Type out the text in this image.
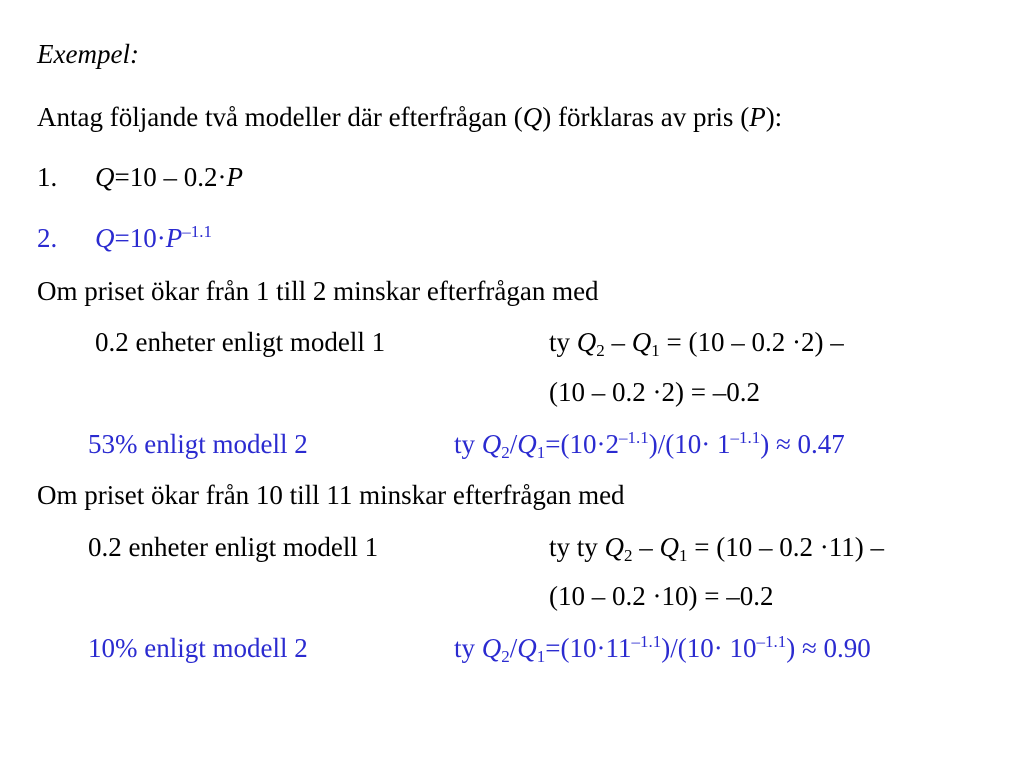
Exempel:
Antag följande två modeller där efterfrågan (Q) förklaras av pris (P):
1. Q=10 – 0.2·P
2. $Q=10\cdot P^{-1.1}$
Om priset ökar från 1 till 2 minskar efterfrågan med
0.2 enheter enligt modell 1	ty $Q_2 - Q_1 = (10 - 0.2 \cdot 2)$ –
(10 – 0.2 ·2) = –0.2
53% enligt modell 2	ty $Q_2/Q_1=(10\cdot 2^{-1.1})/(10\cdot 1^{-1.1}) \approx 0.47$
Om priset ökar från 10 till 11 minskar efterfrågan med
0.2 enheter enligt modell 1	ty ty $Q_2 - Q_1 = (10 - 0.2 \cdot 11)$ –
(10 – 0.2 ·10) = –0.2
10% enligt modell 2	ty $Q_2/Q_1=(10\cdot 11^{-1.1})/(10\cdot 10^{-1.1}) \approx 0.90$
